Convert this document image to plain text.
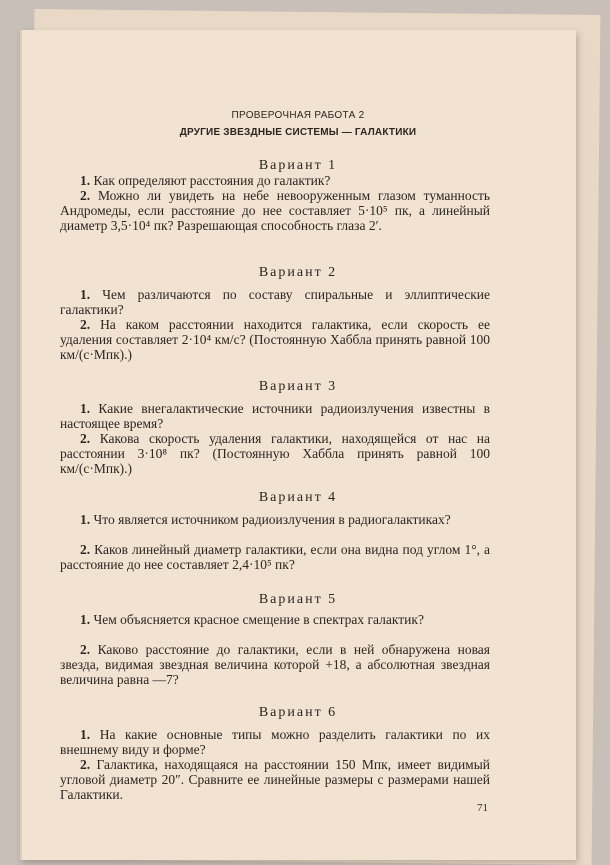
ПРОВЕРОЧНАЯ РАБОТА 2
ДРУГИЕ ЗВЕЗДНЫЕ СИСТЕМЫ — ГАЛАКТИКИ
Вариант 1
1. Как определяют расстояния до галактик?
2. Можно ли увидеть на небе невооруженным глазом туманность Андромеды, если расстояние до нее составляет 5·10⁵ пк, а линейный диаметр 3,5·10⁴ пк? Разрешающая способность глаза 2′.
Вариант 2
1. Чем различаются по составу спиральные и эллиптические галактики?
2. На каком расстоянии находится галактика, если скорость ее удаления составляет 2·10⁴ км/с? (Постоянную Хаббла принять равной 100 км/(с·Мпк).)
Вариант 3
1. Какие внегалактические источники радиоизлучения известны в настоящее время?
2. Какова скорость удаления галактики, находящейся от нас на расстоянии 3·10⁸ пк? (Постоянную Хаббла принять равной 100 км/(с·Мпк).)
Вариант 4
1. Что является источником радиоизлучения в радиогалактиках?
2. Каков линейный диаметр галактики, если она видна под углом 1°, а расстояние до нее составляет 2,4·10⁵ пк?
Вариант 5
1. Чем объясняется красное смещение в спектрах галактик?
2. Каково расстояние до галактики, если в ней обнаружена новая звезда, видимая звездная величина которой +18, а абсолютная звездная величина равна —7?
Вариант 6
1. На какие основные типы можно разделить галактики по их внешнему виду и форме?
2. Галактика, находящаяся на расстоянии 150 Мпк, имеет видимый угловой диаметр 20″. Сравните ее линейные размеры с размерами нашей Галактики.
71
